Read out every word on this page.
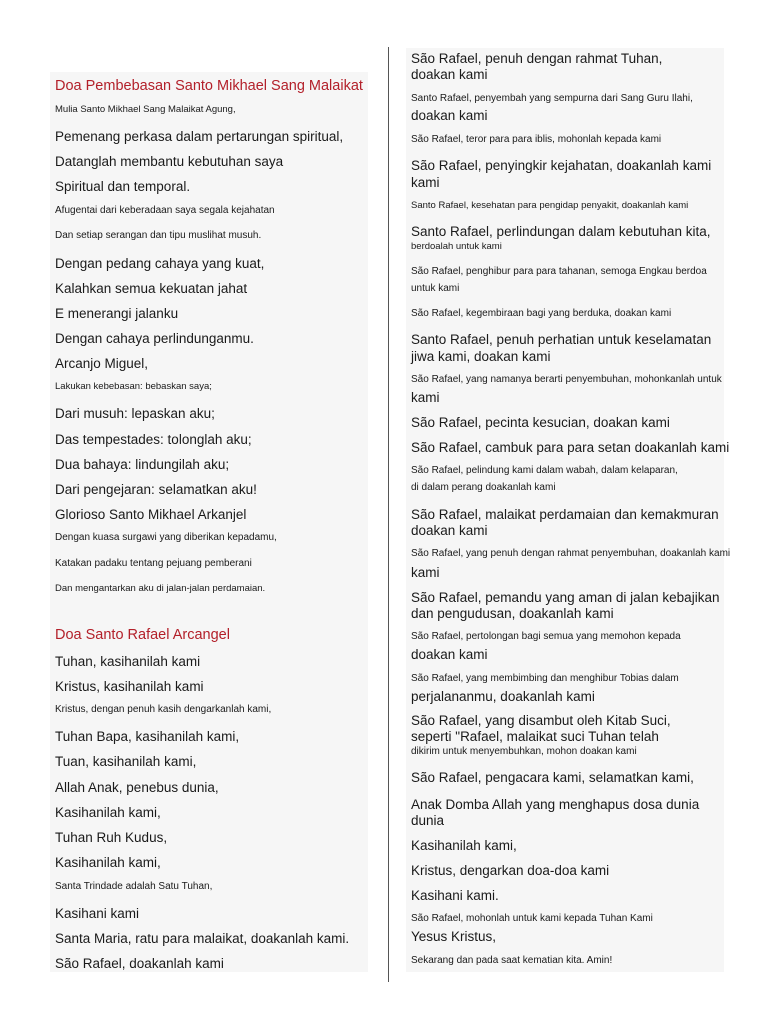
Doa Pembebasan Santo Mikhael Sang Malaikat

Mulia Santo Mikhael Sang Malaikat Agung,

Pemenang perkasa dalam pertarungan spiritual,

Datanglah membantu kebutuhan saya

Spiritual dan temporal.

Afugentai dari keberadaan saya segala kejahatan

Dan setiap serangan dan tipu muslihat musuh.

Dengan pedang cahaya yang kuat,

Kalahkan semua kekuatan jahat

E menerangi jalanku

Dengan cahaya perlindunganmu.

Arcanjo Miguel,

Lakukan kebebasan: bebaskan saya;

Dari musuh: lepaskan aku;

Das tempestades: tolonglah aku;

Dua bahaya: lindungilah aku;

Dari pengejaran: selamatkan aku!

Glorioso Santo Mikhael Arkanjel

Dengan kuasa surgawi yang diberikan kepadamu,

Katakan padaku tentang pejuang pemberani

Dan mengantarkan aku di jalan-jalan perdamaian.

Doa Santo Rafael Arcangel

Tuhan, kasihanilah kami

Kristus, kasihanilah kami

Kristus, dengan penuh kasih dengarkanlah kami,

Tuhan Bapa, kasihanilah kami,

Tuan, kasihanilah kami,

Allah Anak, penebus dunia,

Kasihanilah kami,

Tuhan Ruh Kudus,

Kasihanilah kami,

Santa Trindade adalah Satu Tuhan,

Kasihani kami

Santa Maria, ratu para malaikat, doakanlah kami.

São Rafael, doakanlah kami

São Rafael, penuh dengan rahmat Tuhan,

doakan kami

Santo Rafael, penyembah yang sempurna dari Sang Guru Ilahi,

doakan kami

São Rafael, teror para para iblis, mohonlah kepada kami

São Rafael, penyingkir kejahatan, doakanlah kami

kami

Santo Rafael, kesehatan para pengidap penyakit, doakanlah kami

Santo Rafael, perlindungan dalam kebutuhan kita,

berdoalah untuk kami

São Rafael, penghibur para para tahanan, semoga Engkau berdoa

untuk kami

São Rafael, kegembiraan bagi yang berduka, doakan kami

Santo Rafael, penuh perhatian untuk keselamatan

jiwa kami, doakan kami

São Rafael, yang namanya berarti penyembuhan, mohonkanlah untuk

kami

São Rafael, pecinta kesucian, doakan kami

São Rafael, cambuk para para setan doakanlah kami

São Rafael, pelindung kami dalam wabah, dalam kelaparan,

di dalam perang doakanlah kami

São Rafael, malaikat perdamaian dan kemakmuran

doakan kami

São Rafael, yang penuh dengan rahmat penyembuhan, doakanlah kami

kami

São Rafael, pemandu yang aman di jalan kebajikan

dan pengudusan, doakanlah kami

São Rafael, pertolongan bagi semua yang memohon kepada

doakan kami

São Rafael, yang membimbing dan menghibur Tobias dalam

perjalananmu, doakanlah kami

São Rafael, yang disambut oleh Kitab Suci,

seperti "Rafael, malaikat suci Tuhan telah

dikirim untuk menyembuhkan, mohon doakan kami

São Rafael, pengacara kami, selamatkan kami,

Anak Domba Allah yang menghapus dosa dunia

dunia

Kasihanilah kami,

Kristus, dengarkan doa-doa kami

Kasihani kami.

São Rafael, mohonlah untuk kami kepada Tuhan Kami

Yesus Kristus,

Sekarang dan pada saat kematian kita. Amin!
